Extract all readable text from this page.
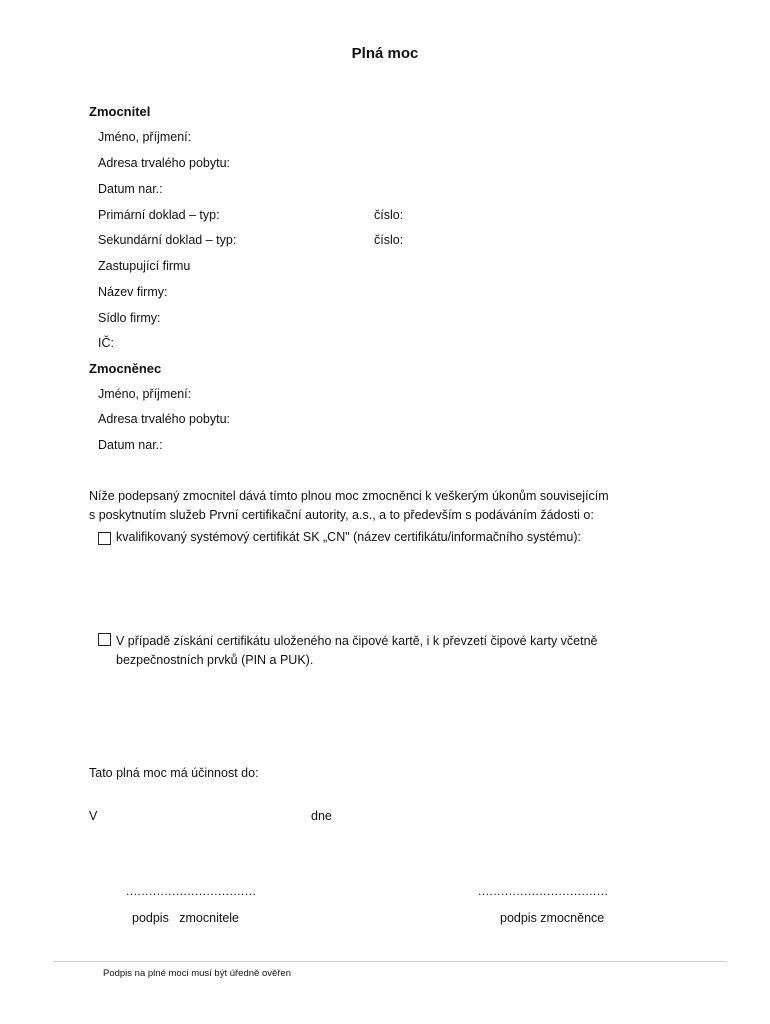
Plná moc
Zmocnitel
Jméno, příjmení:
Adresa trvalého pobytu:
Datum nar.:
Primární doklad – typ:	číslo:
Sekundární doklad – typ:	číslo:
Zastupující firmu
Název firmy:
Sídlo firmy:
IČ:
Zmocněnec
Jméno, příjmení:
Adresa trvalého pobytu:
Datum nar.:
Níže podepsaný zmocnitel dává tímto plnou moc zmocněnci k veškerým úkonům souvisejícím
s poskytnutím služeb První certifikační autority, a.s., a to především s podáváním žádosti o:
kvalifikovaný systémový certifikát SK „CN" (název certifikátu/informačního systému):
V případě získání certifikátu uloženého na čipové kartě, i k převzetí čipové karty včetně
bezpečnostních prvků (PIN a PUK).
Tato plná moc má účinnost do:
V	dne
..................................	..................................
podpis   zmocnitele	podpis zmocněnce
Podpis na plné moci musí být úředně ověřen
